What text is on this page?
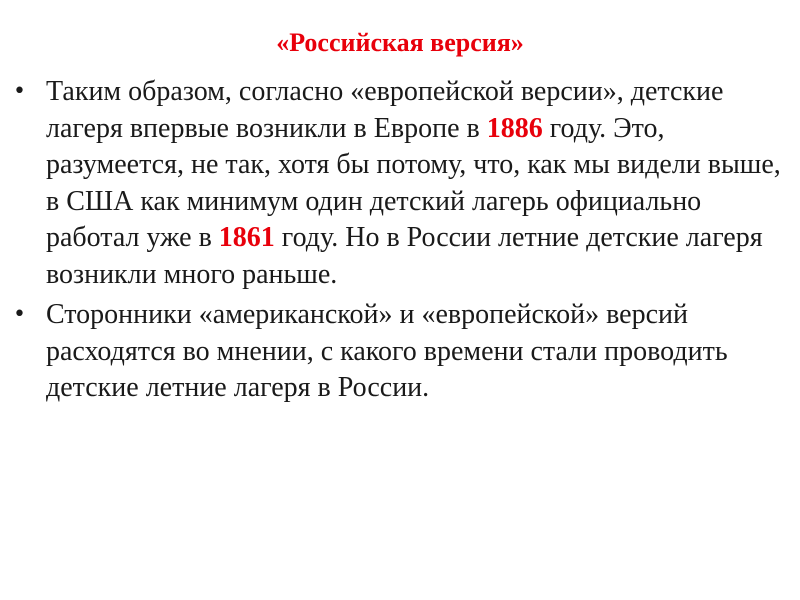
«Российская версия»
• Таким образом, согласно «европейской версии», детские лагеря впервые возникли в Европе в 1886 году. Это, разумеется, не так, хотя бы потому, что, как мы видели выше, в США как минимум один детский лагерь официально работал уже в 1861 году. Но в России летние детские лагеря возникли много раньше.
• Сторонники «американской» и «европейской» версий расходятся во мнении, с какого времени стали проводить детские летние лагеря в России.
